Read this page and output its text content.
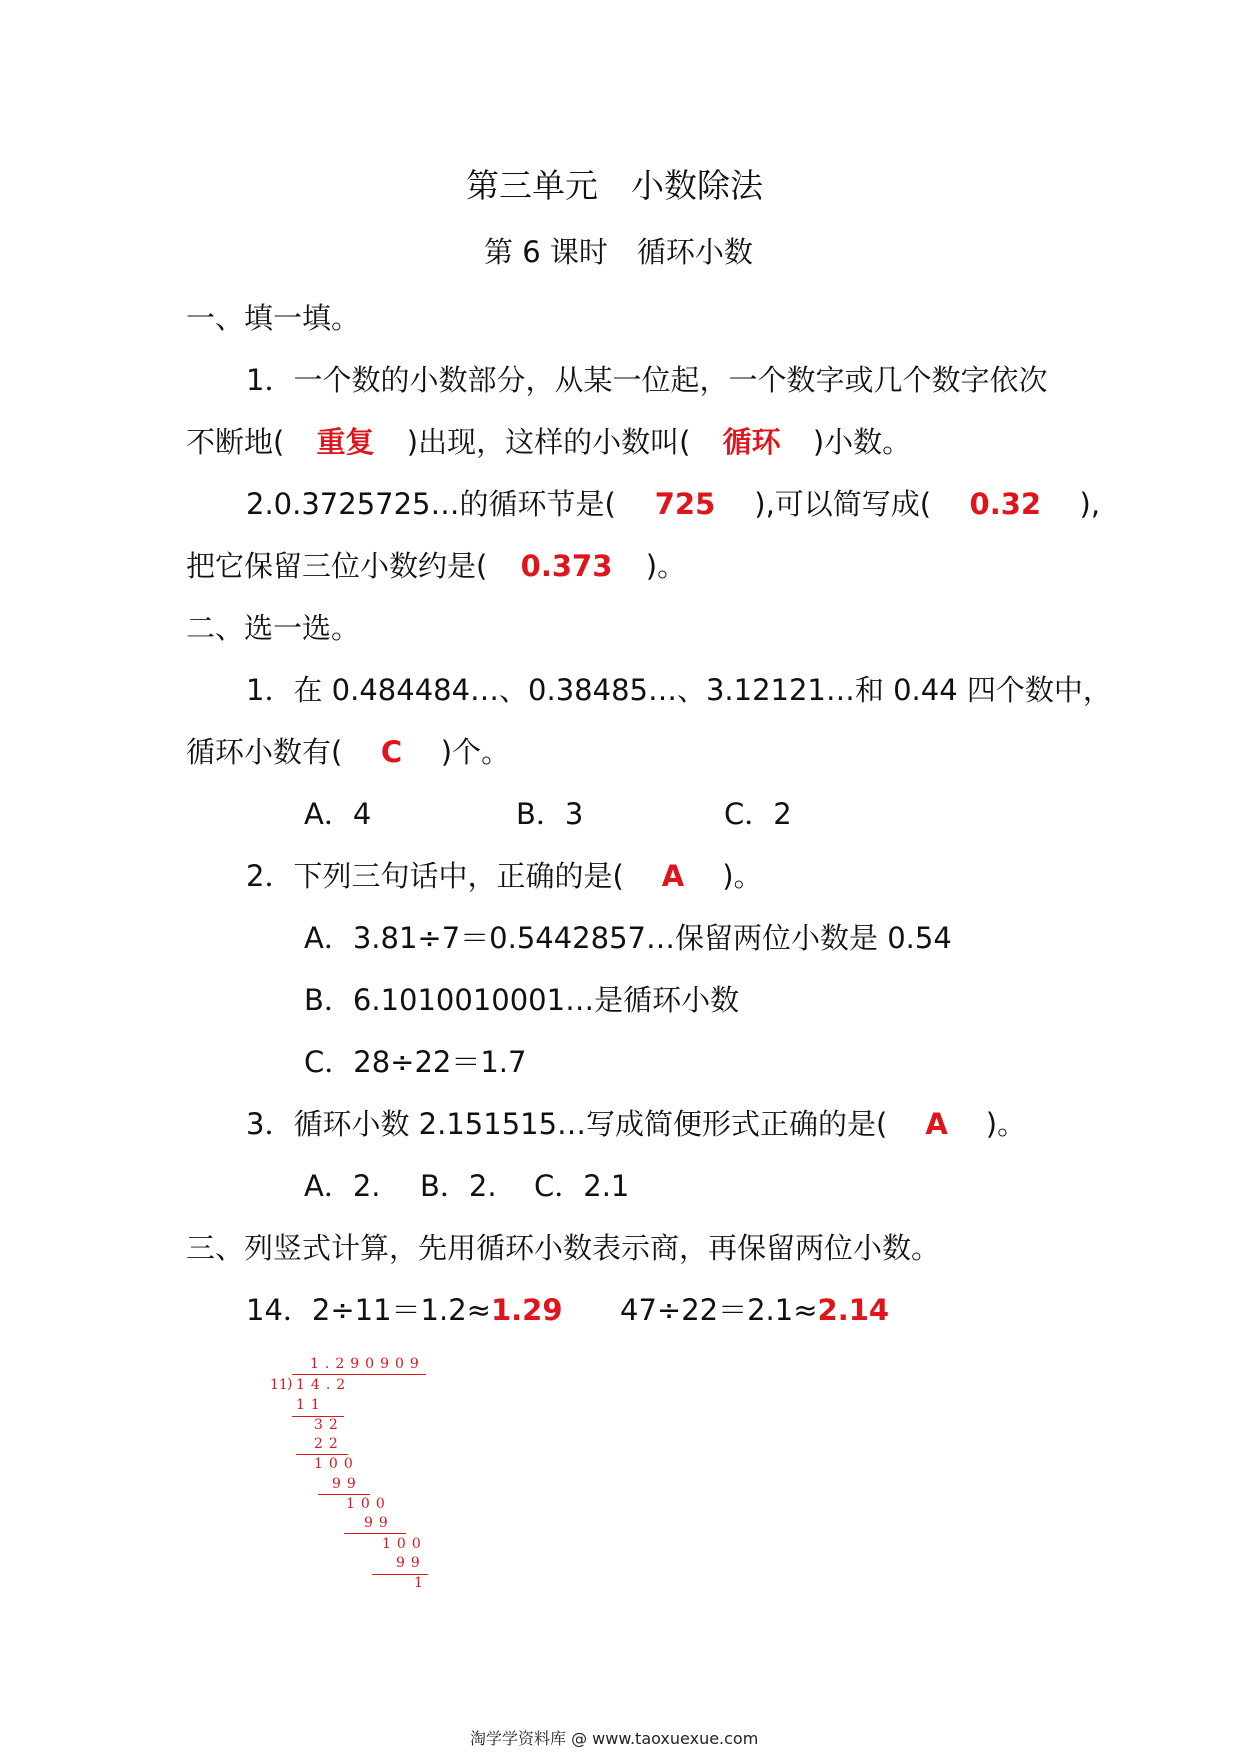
第三单元　小数除法
第 6 课时　循环小数
一、填一填。
1．一个数的小数部分，从某一位起，一个数字或几个数字依次
不断地( 重复 )出现，这样的小数叫( 循环 )小数。
2.0.3725725…的循环节是( 725 ),可以简写成( 0.32 ),
把它保留三位小数约是( 0.373 )。
二、选一选。
1．在 0.484484…、0.38485…、3.12121…和 0.44 四个数中，
循环小数有( C )个。
A．4	B．3	C．2
2．下列三句话中，正确的是( A )。
A．3.81÷7＝0.5442857…保留两位小数是 0.54
B．6.1010010001…是循环小数
C．28÷22＝1.7
3．循环小数 2.151515…写成简便形式正确的是( A )。
A．2. B．2. C．2.1
三、列竖式计算，先用循环小数表示商，再保留两位小数。
14．2÷11＝1.2≈1.29 47÷22＝2.1≈2.14
1.290909
11 ) 14.2
11
32
22
100
99
100
99
100
99
1
淘学学资料库 @ www.taoxuexue.com
